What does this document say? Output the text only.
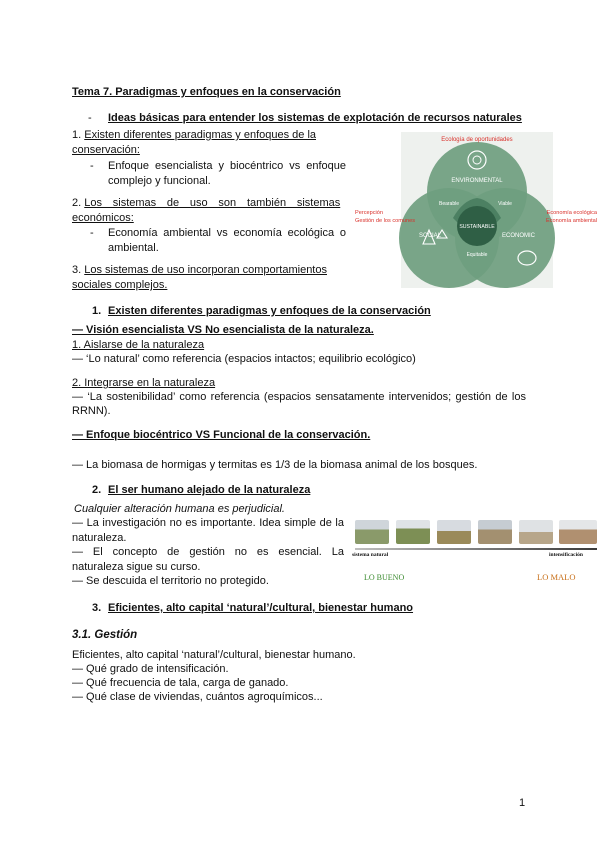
Tema 7. Paradigmas y enfoques en la conservación
- Ideas básicas para entender los sistemas de explotación de recursos naturales
1. Existen diferentes paradigmas y enfoques de la
conservación:
- Enfoque esencialista y biocéntrico vs enfoque
complejo y funcional.
2. Los sistemas de uso son también sistemas
económicos:
- Economía ambiental vs economía ecológica o
ambiental.
3. Los sistemas de uso incorporan comportamientos
sociales complejos.
Ecología de oportunidades
Percepción
Gestión de los comunes
Economía ecológica
Economía ambiental
ENVIRONMENTAL
SOCIAL	ECONOMIC
Bearable	Viable
Equitable
SUSTAINABLE
1. Existen diferentes paradigmas y enfoques de la conservación
— Visión esencialista VS No esencialista de la naturaleza.
1. Aislarse de la naturaleza
— ‘Lo natural’ como referencia (espacios intactos; equilibrio ecológico)
2. Integrarse en la naturaleza
— ‘La sostenibilidad’ como referencia (espacios sensatamente intervenidos; gestión de los
RRNN).
— Enfoque biocéntrico VS Funcional de la conservación.
— La biomasa de hormigas y termitas es 1/3 de la biomasa animal de los bosques.
2. El ser humano alejado de la naturaleza
Cualquier alteración humana es perjudicial.
— La investigación no es importante. Idea simple de la
naturaleza.
— El concepto de gestión no es esencial. La
naturaleza sigue su curso.
— Se descuida el territorio no protegido.
sistema natural	intensificación
LO BUENO	LO MALO
3. Eficientes, alto capital ‘natural’/cultural, bienestar humano
3.1. Gestión
Eficientes, alto capital ‘natural’/cultural, bienestar humano.
— Qué grado de intensificación.
— Qué frecuencia de tala, carga de ganado.
— Qué clase de viviendas, cuántos agroquímicos...
1
